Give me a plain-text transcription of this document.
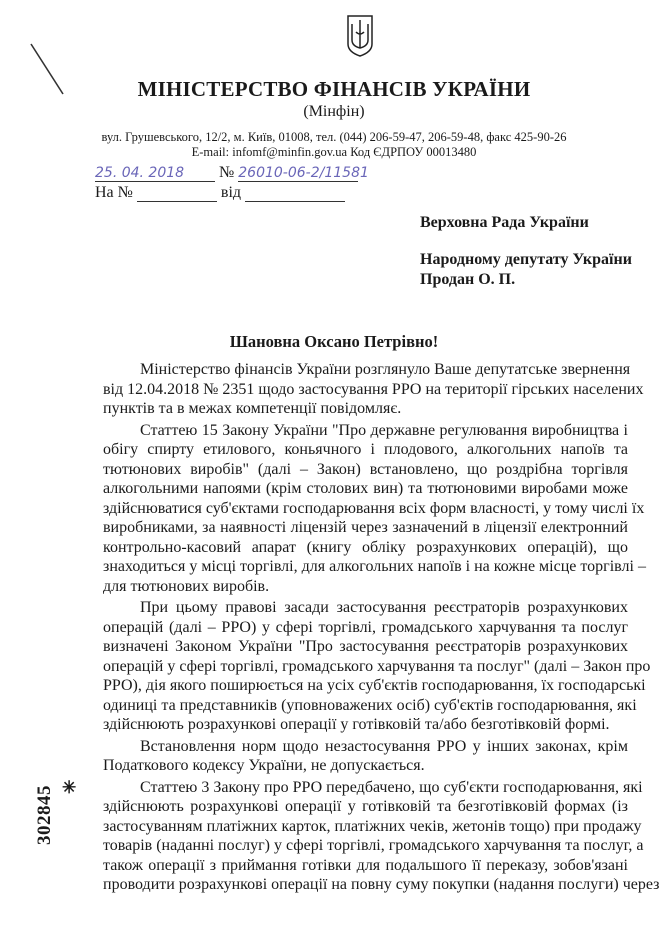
МІНІСТЕРСТВО ФІНАНСІВ УКРАЇНИ
(Мінфін)
вул. Грушевського, 12/2, м. Київ, 01008, тел. (044) 206-59-47, 206-59-48, факс 425-90-26
E-mail: infomf@minfin.gov.ua Код ЄДРПОУ 00013480
25. 04. 2018 № 26010-06-2/11581
На №	від
Верховна Рада України
Народному депутату України
Продан О. П.
Шановна Оксано Петрівно!
Міністерство фінансів України розглянуло Ваше депутатське звернення
від 12.04.2018 № 2351 щодо застосування РРО на території гірських населених
пунктів та в межах компетенції повідомляє.
Статтею 15 Закону України "Про державне регулювання виробництва і
обігу спирту етилового, коньячного і плодового, алкогольних напоїв та
тютюнових виробів" (далі – Закон) встановлено, що роздрібна торгівля
алкогольними напоями (крім столових вин) та тютюновими виробами може
здійснюватися суб'єктами господарювання всіх форм власності, у тому числі їх
виробниками, за наявності ліцензій через зазначений в ліцензії електронний
контрольно-касовий апарат (книгу обліку розрахункових операцій), що
знаходиться у місці торгівлі, для алкогольних напоїв і на кожне місце торгівлі –
для тютюнових виробів.
При цьому правові засади застосування реєстраторів розрахункових
операцій (далі – РРО) у сфері торгівлі, громадського харчування та послуг
визначені Законом України "Про застосування реєстраторів розрахункових
операцій у сфері торгівлі, громадського харчування та послуг" (далі – Закон про
РРО), дія якого поширюється на усіх суб'єктів господарювання, їх господарські
одиниці та представників (уповноважених осіб) суб'єктів господарювання, які
здійснюють розрахункові операції у готівковій та/або безготівковій формі.
Встановлення норм щодо незастосування РРО у інших законах, крім
Податкового кодексу України, не допускається.
Статтею 3 Закону про РРО передбачено, що суб'єкти господарювання, які
здійснюють розрахункові операції у готівковій та безготівковій формах (із
застосуванням платіжних карток, платіжних чеків, жетонів тощо) при продажу
товарів (наданні послуг) у сфері торгівлі, громадського харчування та послуг, а
також операції з приймання готівки для подальшого її переказу, зобов'язані
проводити розрахункові операції на повну суму покупки (надання послуги) через
✳
302845
